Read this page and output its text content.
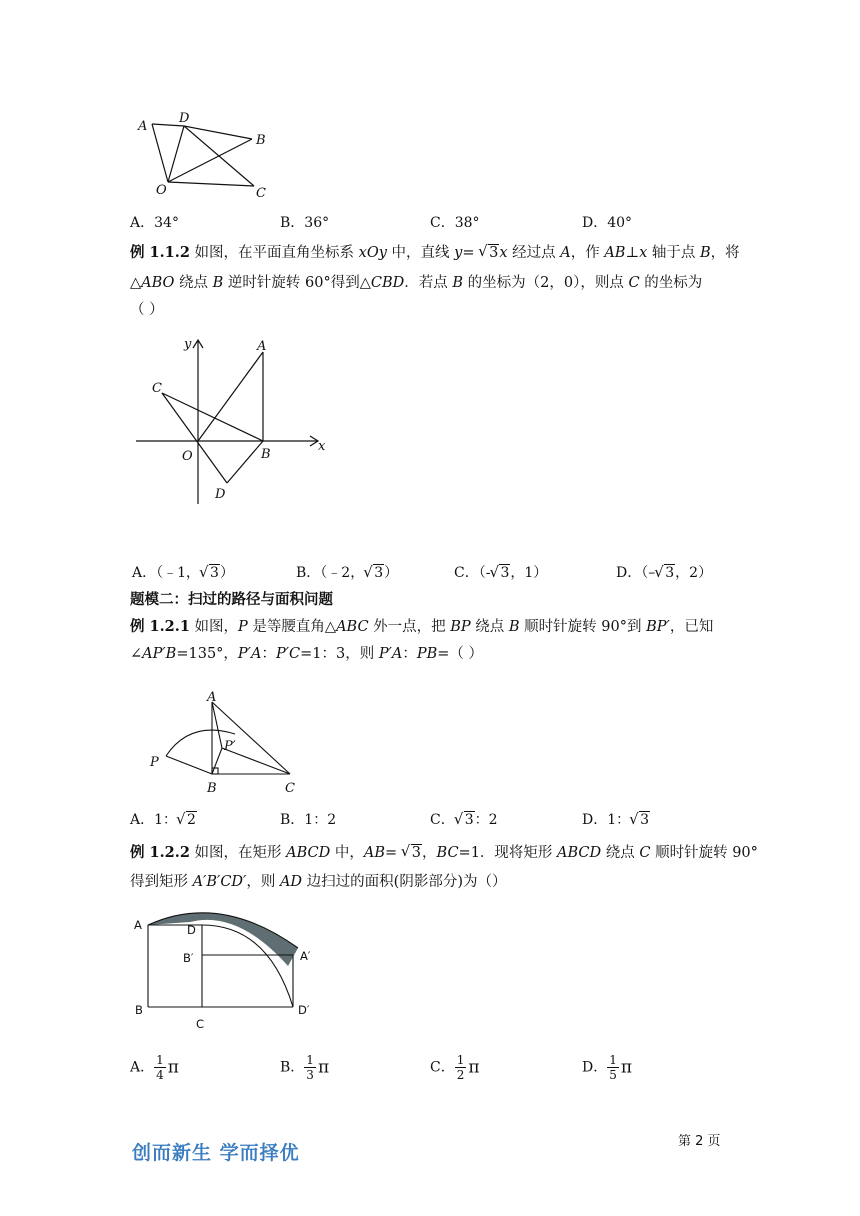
A
D
B
O	C
A．34°	B．36°	C．38°	D．40°
例 1.1.2 如图，在平面直角坐标系 xOy 中，直线 y= √ 3x 经过点 A，作 AB⊥x 轴于点 B，将
△ABO 绕点 B 逆时针旋转 60°得到△CBD．若点 B 的坐标为（2，0），则点 C 的坐标为
（ ）
y	A
C
O	B
x
D
A．（﹣1， √ 3）	B．（﹣2， √ 3）	C．（- √ 3，1）	D．（– √ 3，2）
题模二：扫过的路径与面积问题
例 1.2.1 如图，P 是等腰直角△ABC 外一点，把 BP 绕点 B 顺时针旋转 90°到 BP′，已知
∠AP′B=135°，P′A：P′C=1：3，则 P′A：PB=（ ）
A
P
P′
B	C
A．1： √ 2	B．1：2	C． √ 3：2	D．1： √ 3
例 1.2.2 如图，在矩形 ABCD 中，AB= √ 3，BC=1．现将矩形 ABCD 绕点 C 顺时针旋转 90°
得到矩形 A′B′CD′，则 AD 边扫过的面积(阴影部分)为（）
A	D
B′	A′
B
C
D′
A． $\frac{1}{4}$ π	B． $\frac{1}{3}$ π	C． $\frac{1}{2}$ π	D． $\frac{1}{5}$ π
第 2 页
创而新生 学而择优
